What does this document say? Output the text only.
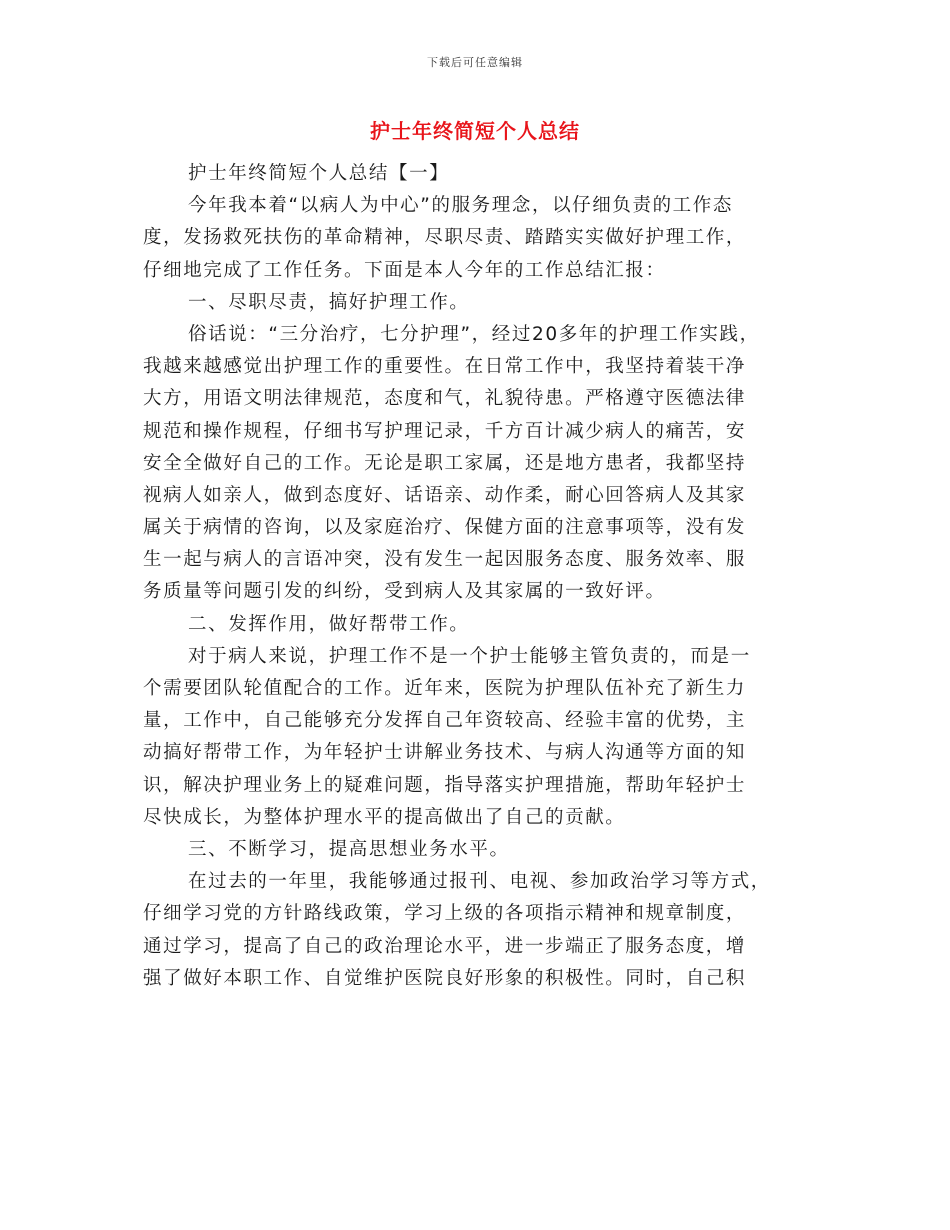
下载后可任意编辑
护士年终简短个人总结
护士年终简短个人总结【一】
今年我本着“以病人为中心”的服务理念，以仔细负责的工作态
度，发扬救死扶伤的革命精神，尽职尽责、踏踏实实做好护理工作，
仔细地完成了工作任务。下面是本人今年的工作总结汇报：
一、尽职尽责，搞好护理工作。
俗话说：“三分治疗，七分护理”，经过20多年的护理工作实践，
我越来越感觉出护理工作的重要性。在日常工作中，我坚持着装干净
大方，用语文明法律规范，态度和气，礼貌待患。严格遵守医德法律
规范和操作规程，仔细书写护理记录，千方百计减少病人的痛苦，安
安全全做好自己的工作。无论是职工家属，还是地方患者，我都坚持
视病人如亲人，做到态度好、话语亲、动作柔，耐心回答病人及其家
属关于病情的咨询，以及家庭治疗、保健方面的注意事项等，没有发
生一起与病人的言语冲突，没有发生一起因服务态度、服务效率、服
务质量等问题引发的纠纷，受到病人及其家属的一致好评。
二、发挥作用，做好帮带工作。
对于病人来说，护理工作不是一个护士能够主管负责的，而是一
个需要团队轮值配合的工作。近年来，医院为护理队伍补充了新生力
量，工作中，自己能够充分发挥自己年资较高、经验丰富的优势，主
动搞好帮带工作，为年轻护士讲解业务技术、与病人沟通等方面的知
识，解决护理业务上的疑难问题，指导落实护理措施，帮助年轻护士
尽快成长，为整体护理水平的提高做出了自己的贡献。
三、不断学习，提高思想业务水平。
在过去的一年里，我能够通过报刊、电视、参加政治学习等方式，
仔细学习党的方针路线政策，学习上级的各项指示精神和规章制度，
通过学习，提高了自己的政治理论水平，进一步端正了服务态度，增
强了做好本职工作、自觉维护医院良好形象的积极性。同时，自己积
